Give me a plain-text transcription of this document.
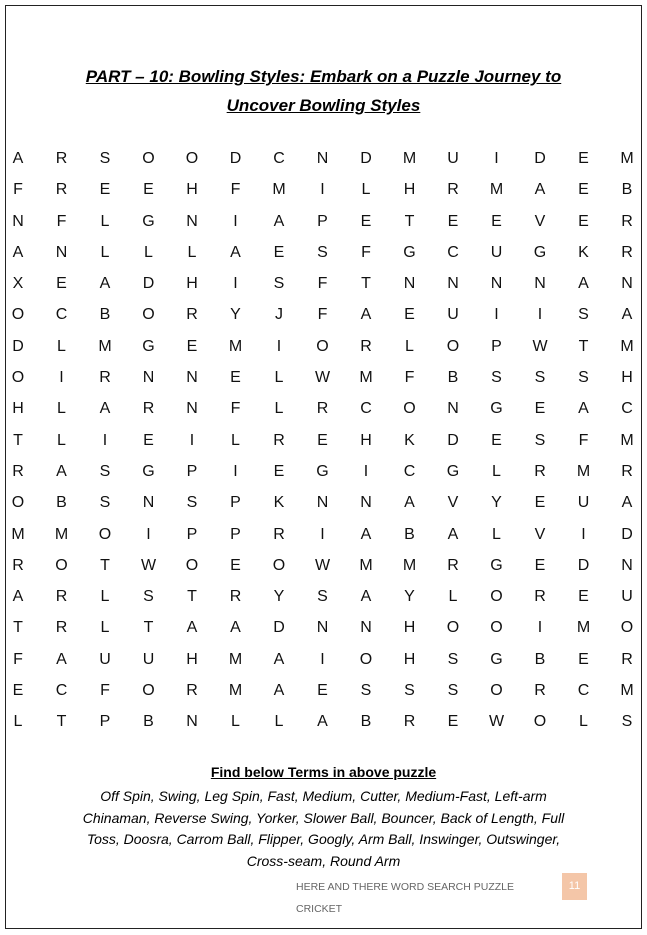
PART – 10: Bowling Styles: Embark on a Puzzle Journey to
Uncover Bowling Styles
A	R	S	O	O	D	C	N	D	M	U	I	D	E	M
F	R	E	E	H	F	M	I	L	H	R	M	A	E	B
N	F	L	G	N	I	A	P	E	T	E	E	V	E	R
A	N	L	L	L	A	E	S	F	G	C	U	G	K	R
X	E	A	D	H	I	S	F	T	N	N	N	N	A	N
O	C	B	O	R	Y	J	F	A	E	U	I	I	S	A
D	L	M	G	E	M	I	O	R	L	O	P	W	T	M
O	I	R	N	N	E	L	W	M	F	B	S	S	S	H
H	L	A	R	N	F	L	R	C	O	N	G	E	A	C
T	L	I	E	I	L	R	E	H	K	D	E	S	F	M
R	A	S	G	P	I	E	G	I	C	G	L	R	M	R
O	B	S	N	S	P	K	N	N	A	V	Y	E	U	A
M	M	O	I	P	P	R	I	A	B	A	L	V	I	D
R	O	T	W	O	E	O	W	M	M	R	G	E	D	N
A	R	L	S	T	R	Y	S	A	Y	L	O	R	E	U
T	R	L	T	A	A	D	N	N	H	O	O	I	M	O
F	A	U	U	H	M	A	I	O	H	S	G	B	E	R
E	C	F	O	R	M	A	E	S	S	S	O	R	C	M
L	T	P	B	N	L	L	A	B	R	E	W	O	L	S
Find below Terms in above puzzle
Off Spin, Swing, Leg Spin, Fast, Medium, Cutter, Medium-Fast, Left-arm
Chinaman, Reverse Swing, Yorker, Slower Ball, Bouncer, Back of Length, Full
Toss, Doosra, Carrom Ball, Flipper, Googly, Arm Ball, Inswinger, Outswinger,
Cross-seam, Round Arm
HERE AND THERE WORD SEARCH PUZZLE CRICKET
11
